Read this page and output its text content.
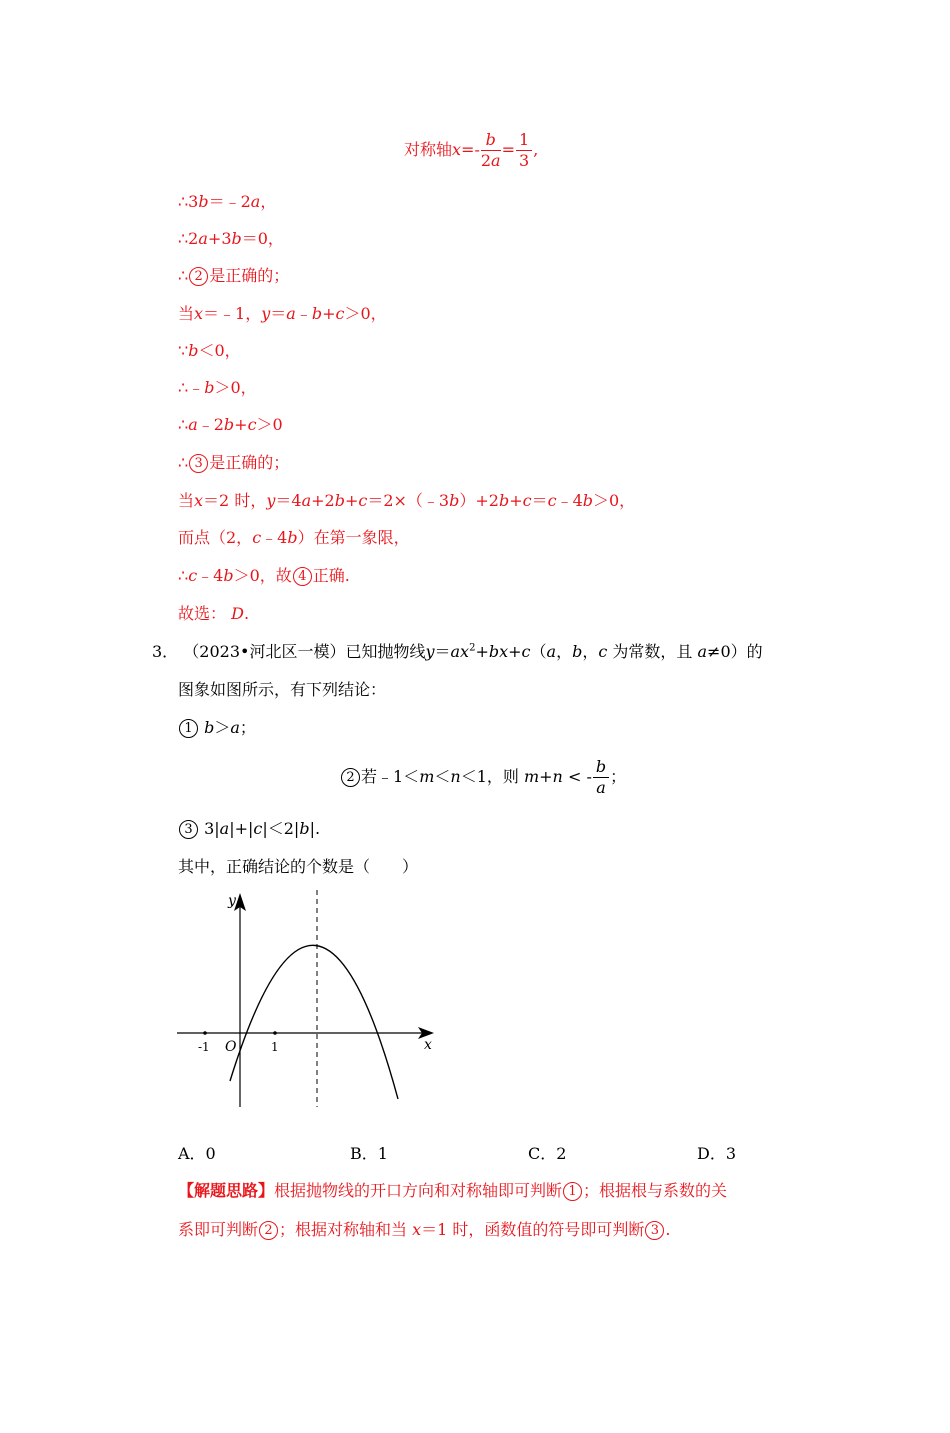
对称轴$x=- \frac{b}{2a} = \frac{1}{3}$ ,
∴3b＝﹣2a，
∴2a+3b＝0，
∴ 2 是正确的；
当x＝﹣1，y＝a﹣b+c＞0，
∵b＜0，
∴﹣b＞0，
∴a﹣2b+c＞0
∴ 3 是正确的；
当x＝2 时，y＝4a+2b+c＝2×（﹣3b）+2b+c＝c﹣4b＞0，
而点（2，c﹣4b）在第一象限，
∴c﹣4b＞0，故 4 正确.
故选： D.
3． （2023•河北区一模）已知抛物线$y=ax^2+bx+c(a$，b，c 为常数，且 a≠0）的
图象如图所示，有下列结论：
1 b＞a；
2 若﹣1＜m＜n＜1，则 m+n < - $\frac{b}{a}$ ；
3 3|a|+|c|＜2|b|.
其中，正确结论的个数是（　　）
y
x
O
-1	1
A．0	B．1	C．2	D．3
【解题思路】根据抛物线的开口方向和对称轴即可判断 1 ；根据根与系数的关
系即可判断 2 ；根据对称轴和当 x＝1 时，函数值的符号即可判断 3 .
